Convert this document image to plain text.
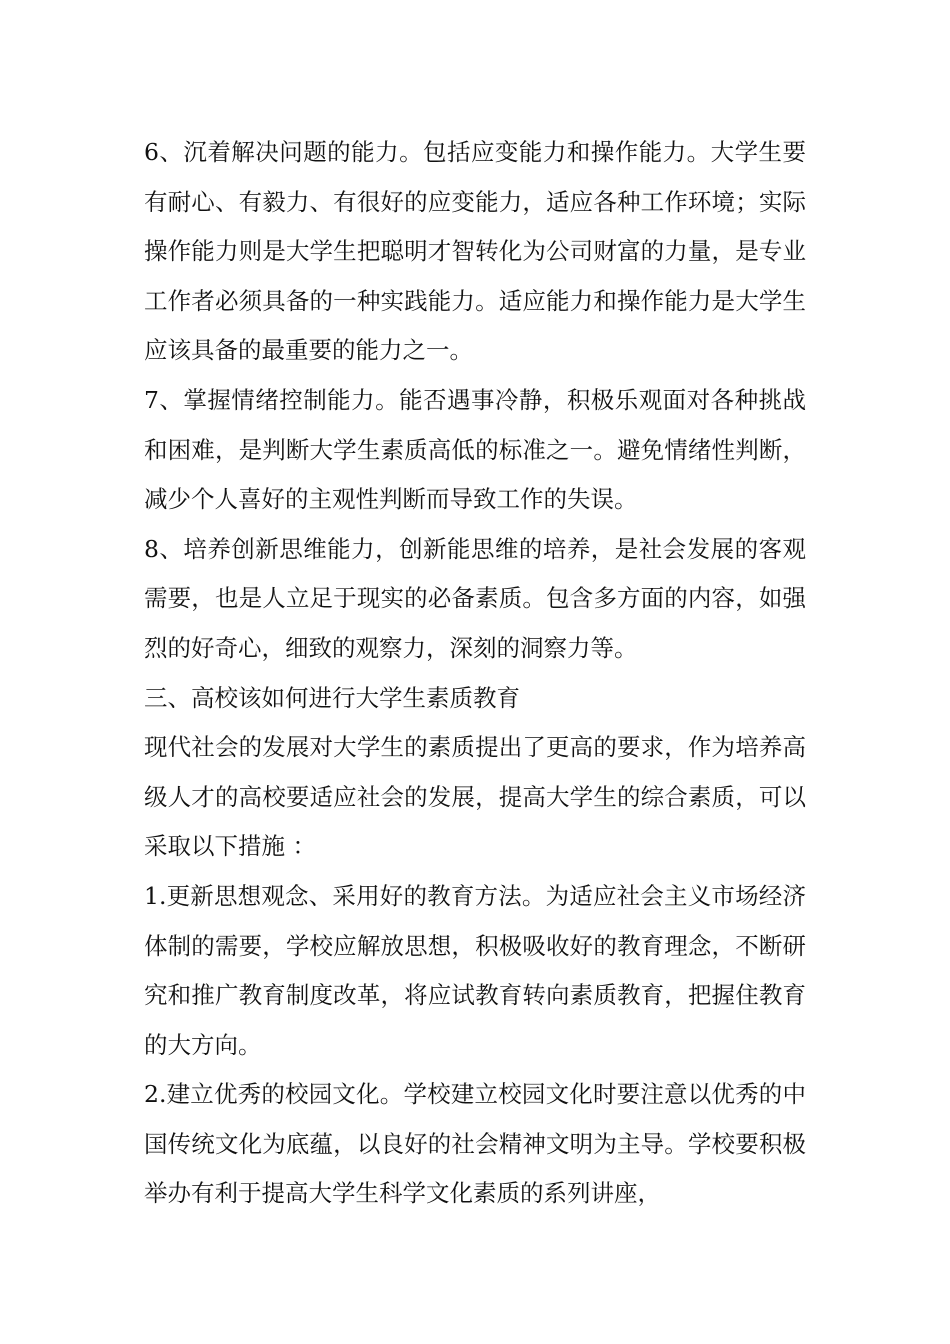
6、沉着解决问题的能力。包括应变能力和操作能力。大学生要有耐心、有毅力、有很好的应变能力，适应各种工作环境；实际操作能力则是大学生把聪明才智转化为公司财富的力量，是专业工作者必须具备的一种实践能力。适应能力和操作能力是大学生应该具备的最重要的能力之一。

7、掌握情绪控制能力。能否遇事冷静，积极乐观面对各种挑战和困难，是判断大学生素质高低的标准之一。避免情绪性判断，减少个人喜好的主观性判断而导致工作的失误。

8、培养创新思维能力，创新能思维的培养，是社会发展的客观需要，也是人立足于现实的必备素质。包含多方面的内容，如强烈的好奇心，细致的观察力，深刻的洞察力等。

三、高校该如何进行大学生素质教育

现代社会的发展对大学生的素质提出了更高的要求，作为培养高级人才的高校要适应社会的发展，提高大学生的综合素质，可以采取以下措施 ：

1.更新思想观念、采用好的教育方法。为适应社会主义市场经济体制的需要，学校应解放思想，积极吸收好的教育理念，不断研究和推广教育制度改革，将应试教育转向素质教育，把握住教育的大方向。

2.建立优秀的校园文化。学校建立校园文化时要注意以优秀的中国传统文化为底蕴，以良好的社会精神文明为主导。学校要积极举办有利于提高大学生科学文化素质的系列讲座，
